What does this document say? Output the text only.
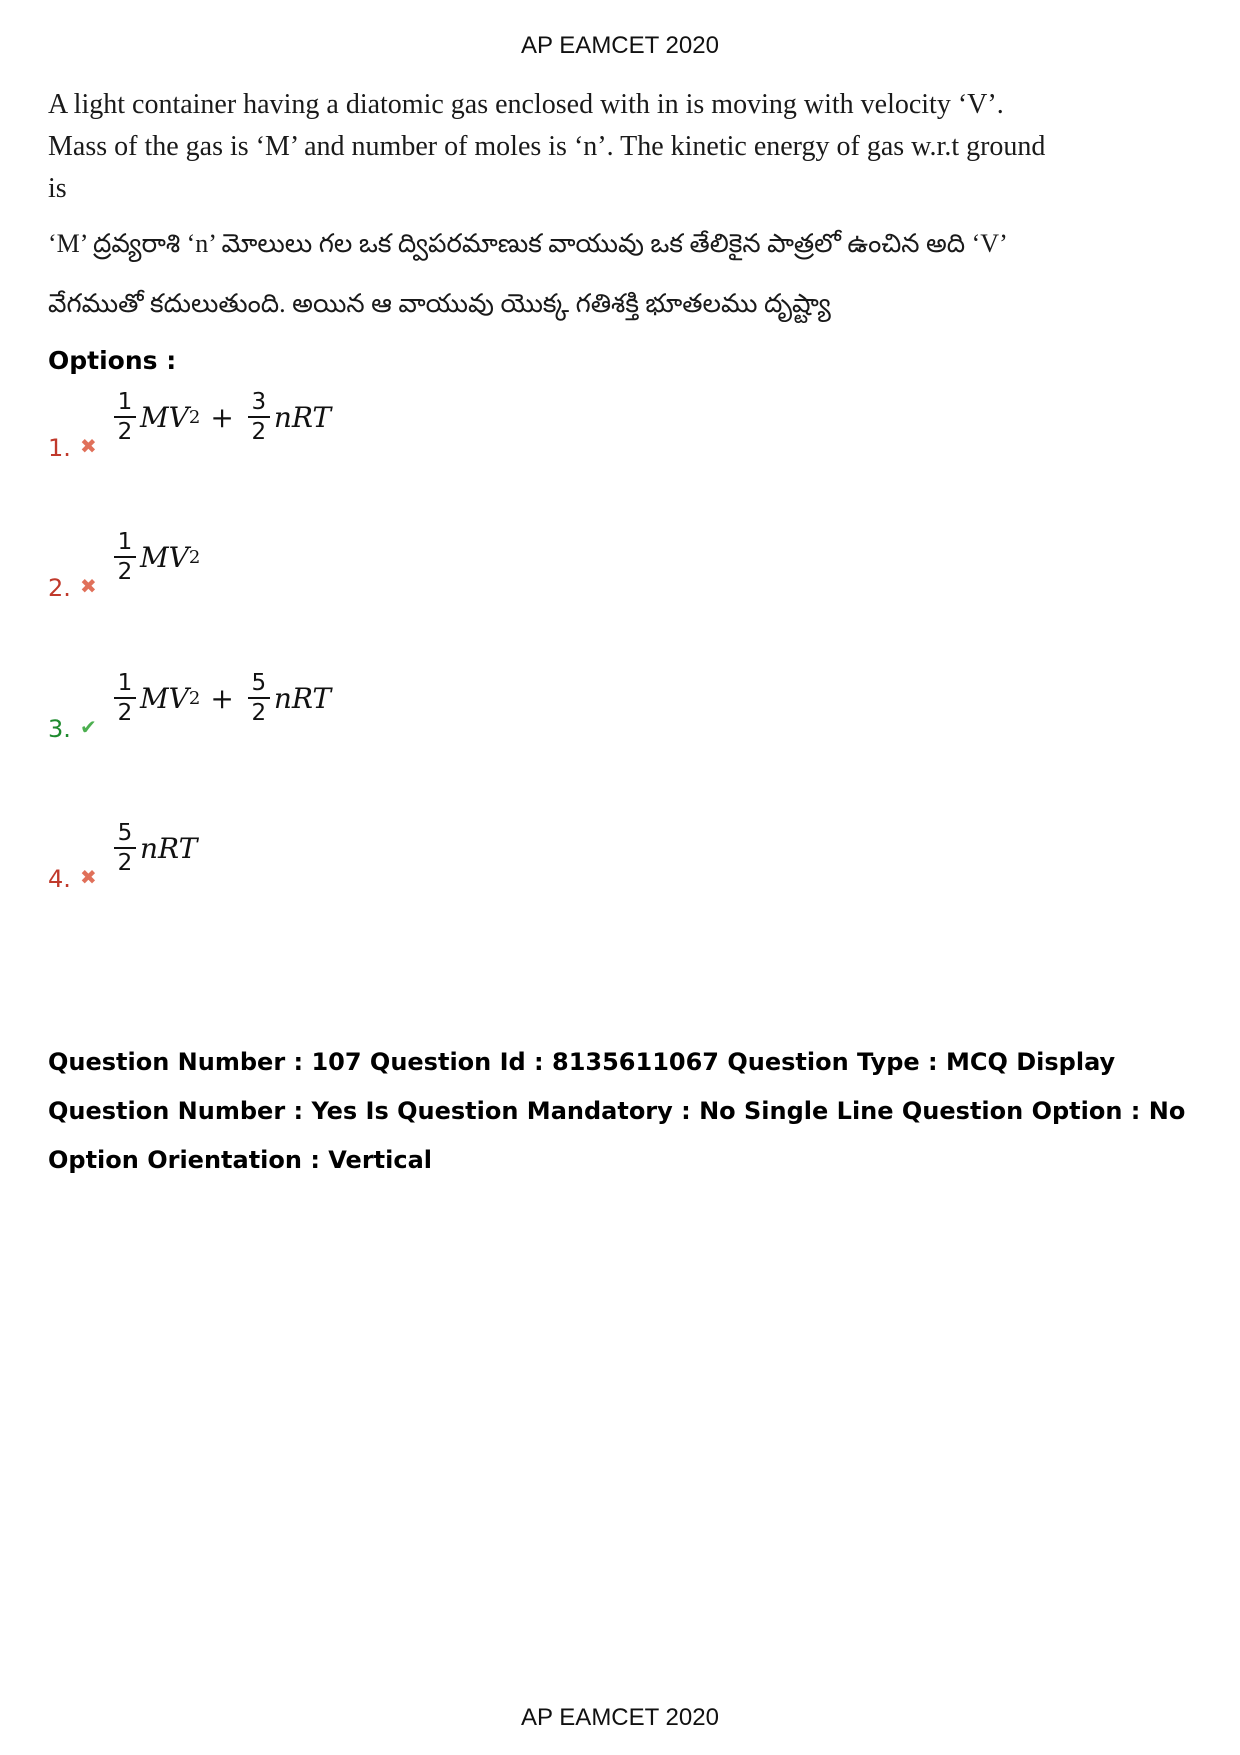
AP EAMCET 2020
A light container having a diatomic gas enclosed with in is moving with velocity ‘V’. Mass of the gas is ‘M’ and number of moles is ‘n’. The kinetic energy of gas w.r.t ground is
‘M’ ద్రవ్యరాశి ‘n’ మోలులు గల ఒక ద్విపరమాణుక వాయువు ఒక తేలికైన పాత్రలో ఉంచిన అది ‘V’ వేగముతో కదులుతుంది. అయిన ఆ వాయువు యొక్క గతిశక్తి భూతలము దృష్ట్యా
Options :
1. ✖ $\frac{1}{2}$ MV $2 + \frac{3}{2}$ nRT
2. ✖ $\frac{1}{2}$ MV 2
3. ✔ $\frac{1}{2}$ MV $2 + \frac{5}{2}$ nRT
4. ✖ $\frac{5}{2}$ nRT
Question Number : 107 Question Id : 8135611067 Question Type : MCQ Display Question Number : Yes Is Question Mandatory : No Single Line Question Option : No Option Orientation : Vertical
AP EAMCET 2020
